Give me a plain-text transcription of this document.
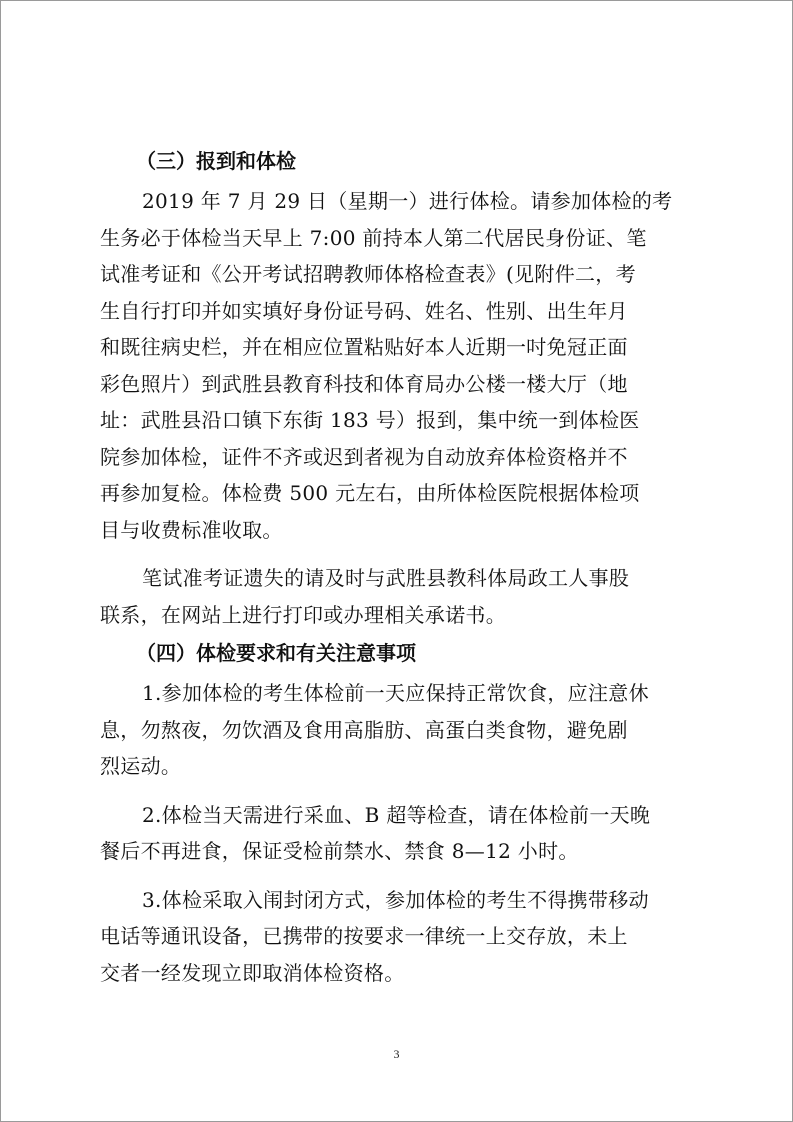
（三）报到和体检

2019 年 7 月 29 日（星期一）进行体检。请参加体检的考

生务必于体检当天早上 7:00 前持本人第二代居民身份证、笔

试准考证和《公开考试招聘教师体格检查表》(见附件二，考

生自行打印并如实填好身份证号码、姓名、性别、出生年月

和既往病史栏，并在相应位置粘贴好本人近期一吋免冠正面

彩色照片）到武胜县教育科技和体育局办公楼一楼大厅（地

址：武胜县沿口镇下东街 183 号）报到，集中统一到体检医

院参加体检，证件不齐或迟到者视为自动放弃体检资格并不

再参加复检。体检费 500 元左右，由所体检医院根据体检项

目与收费标准收取。

笔试准考证遗失的请及时与武胜县教科体局政工人事股

联系，在网站上进行打印或办理相关承诺书。

（四）体检要求和有关注意事项

1.参加体检的考生体检前一天应保持正常饮食，应注意休

息，勿熬夜，勿饮酒及食用高脂肪、高蛋白类食物，避免剧

烈运动。

2.体检当天需进行采血、B 超等检查，请在体检前一天晚

餐后不再进食，保证受检前禁水、禁食 8—12 小时。

3.体检采取入闱封闭方式，参加体检的考生不得携带移动

电话等通讯设备，已携带的按要求一律统一上交存放，未上

交者一经发现立即取消体检资格。

3
